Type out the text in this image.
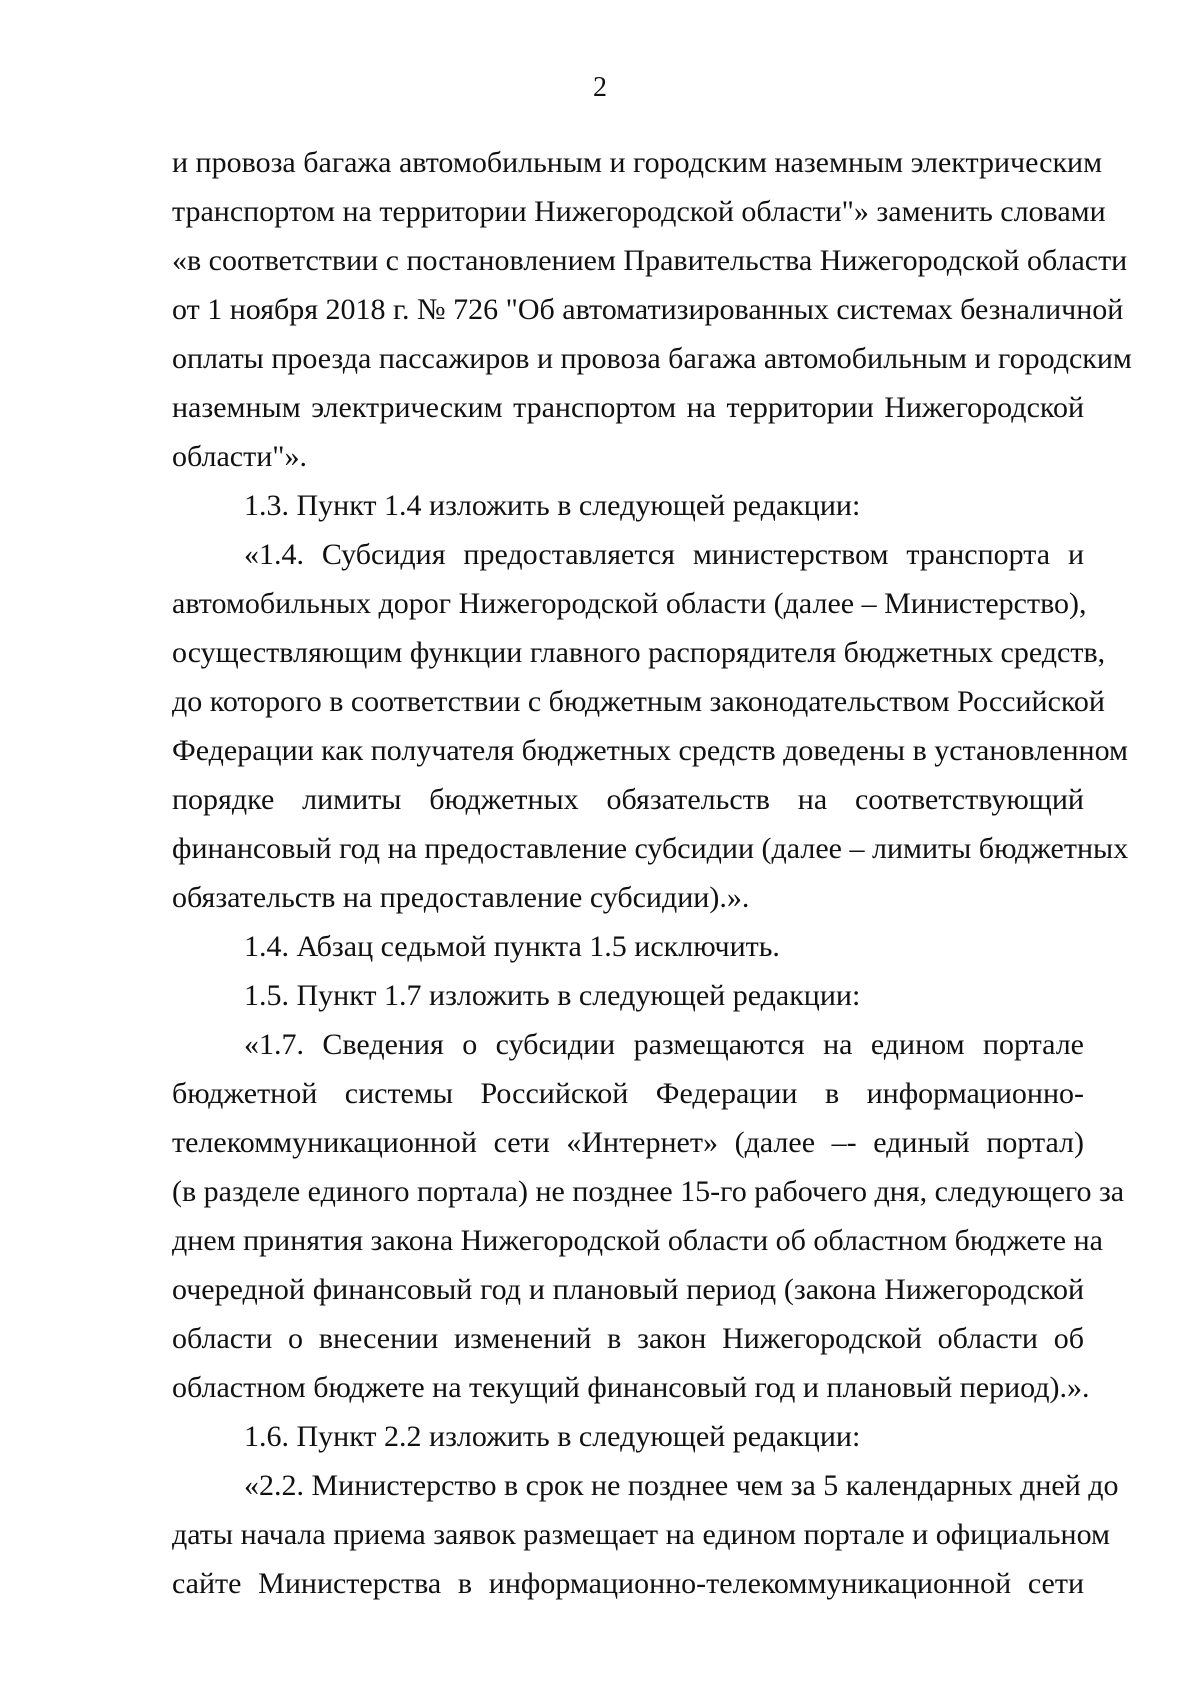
2
и провоза багажа автомобильным и городским наземным электрическим
транспортом на территории Нижегородской области"» заменить словами
«в соответствии с постановлением Правительства Нижегородской области
от 1 ноября 2018 г. № 726 "Об автоматизированных системах безналичной
оплаты проезда пассажиров и провоза багажа автомобильным и городским
наземным электрическим транспортом на территории Нижегородской
области"».
1.3. Пункт 1.4 изложить в следующей редакции:
«1.4. Субсидия предоставляется министерством транспорта и
автомобильных дорог Нижегородской области (далее – Министерство),
осуществляющим функции главного распорядителя бюджетных средств,
до которого в соответствии с бюджетным законодательством Российской
Федерации как получателя бюджетных средств доведены в установленном
порядке лимиты бюджетных обязательств на соответствующий
финансовый год на предоставление субсидии (далее – лимиты бюджетных
обязательств на предоставление субсидии).».
1.4. Абзац седьмой пункта 1.5 исключить.
1.5. Пункт 1.7 изложить в следующей редакции:
«1.7. Сведения о субсидии размещаются на едином портале
бюджетной системы Российской Федерации в информационно-
телекоммуникационной сети «Интернет» (далее –- единый портал)
(в разделе единого портала) не позднее 15-го рабочего дня, следующего за
днем принятия закона Нижегородской области об областном бюджете на
очередной финансовый год и плановый период (закона Нижегородской
области о внесении изменений в закон Нижегородской области об
областном бюджете на текущий финансовый год и плановый период).».
1.6. Пункт 2.2 изложить в следующей редакции:
«2.2. Министерство в срок не позднее чем за 5 календарных дней до
даты начала приема заявок размещает на едином портале и официальном
сайте Министерства в информационно-телекоммуникационной сети
